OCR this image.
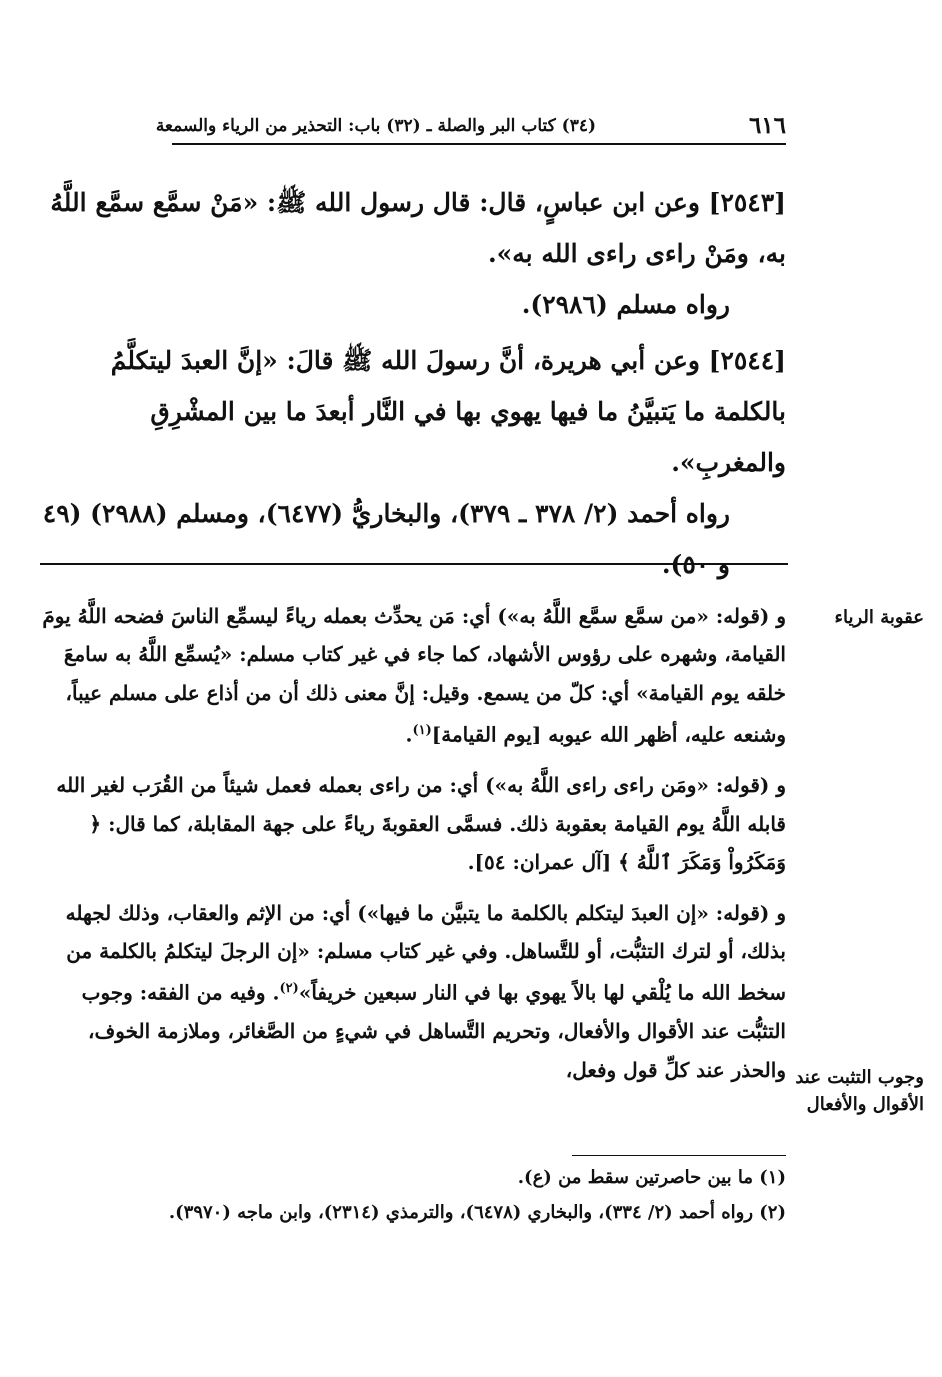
٦١٦
(٣٤) كتاب البر والصلة ـ (٣٢) باب: التحذير من الرياء والسمعة

[٢٥٤٣] وعن ابن عباسٍ، قال: قال رسول الله ﷺ: «مَنْ سمَّع سمَّع اللَّهُ به، ومَنْ راءى راءى الله به».

رواه مسلم (٢٩٨٦).

[٢٥٤٤] وعن أبي هريرة، أنَّ رسولَ الله ﷺ قالَ: «إنَّ العبدَ ليتكلَّمُ بالكلمة ما يَتبيَّنُ ما فيها يهوي بها في النَّار أبعدَ ما بين المشْرِقِ والمغربِ».

رواه أحمد (٢/ ٣٧٨ ـ ٣٧٩)، والبخاريُّ (٦٤٧٧)، ومسلم (٢٩٨٨) (٤٩ و ٥٠).

عقوبة الرياء
وجوب التثبت عند الأقوال والأفعال

و (قوله: «من سمَّع سمَّع اللَّهُ به») أي: مَن يحدِّث بعمله رياءً ليسمِّع الناسَ فضحه اللَّهُ يومَ القيامة، وشهره على رؤوس الأشهاد، كما جاء في غير كتاب مسلم: «يُسمِّع اللَّهُ به سامعَ خلقه يوم القيامة» أي: كلّ من يسمع. وقيل: إنَّ معنى ذلك أن من أذاع على مسلم عيباً، وشنعه عليه، أظهر الله عيوبه [يوم القيامة]$^{(١)}$.

و (قوله: «ومَن راءى راءى اللَّهُ به») أي: من راءى بعمله فعمل شيئاً من القُرَب لغير الله قابله اللَّهُ يوم القيامة بعقوبة ذلك. فسمَّى العقوبةَ رياءً على جهة المقابلة، كما قال: ﴿ وَمَكَرُواْ وَمَكَرَ ٱللَّهُ ﴾ [آل عمران: ٥٤].

و (قوله: «إن العبدَ ليتكلم بالكلمة ما يتبيَّن ما فيها») أي: من الإثم والعقاب، وذلك لجهله بذلك، أو لترك التثبُّت، أو للتَّساهل. وفي غير كتاب مسلم: «إن الرجلَ ليتكلمُ بالكلمة من سخط الله ما يُلْقي لها بالاً يهوي بها في النار سبعين خريفاً»$^{(٢)}$. وفيه من الفقه: وجوب التثبُّت عند الأقوال والأفعال، وتحريم التَّساهل في شيءٍ من الصَّغائر، وملازمة الخوف، والحذر عند كلِّ قول وفعل،

(١) ما بين حاصرتين سقط من (ع).

(٢) رواه أحمد (٢/ ٣٣٤)، والبخاري (٦٤٧٨)، والترمذي (٢٣١٤)، وابن ماجه (٣٩٧٠).
